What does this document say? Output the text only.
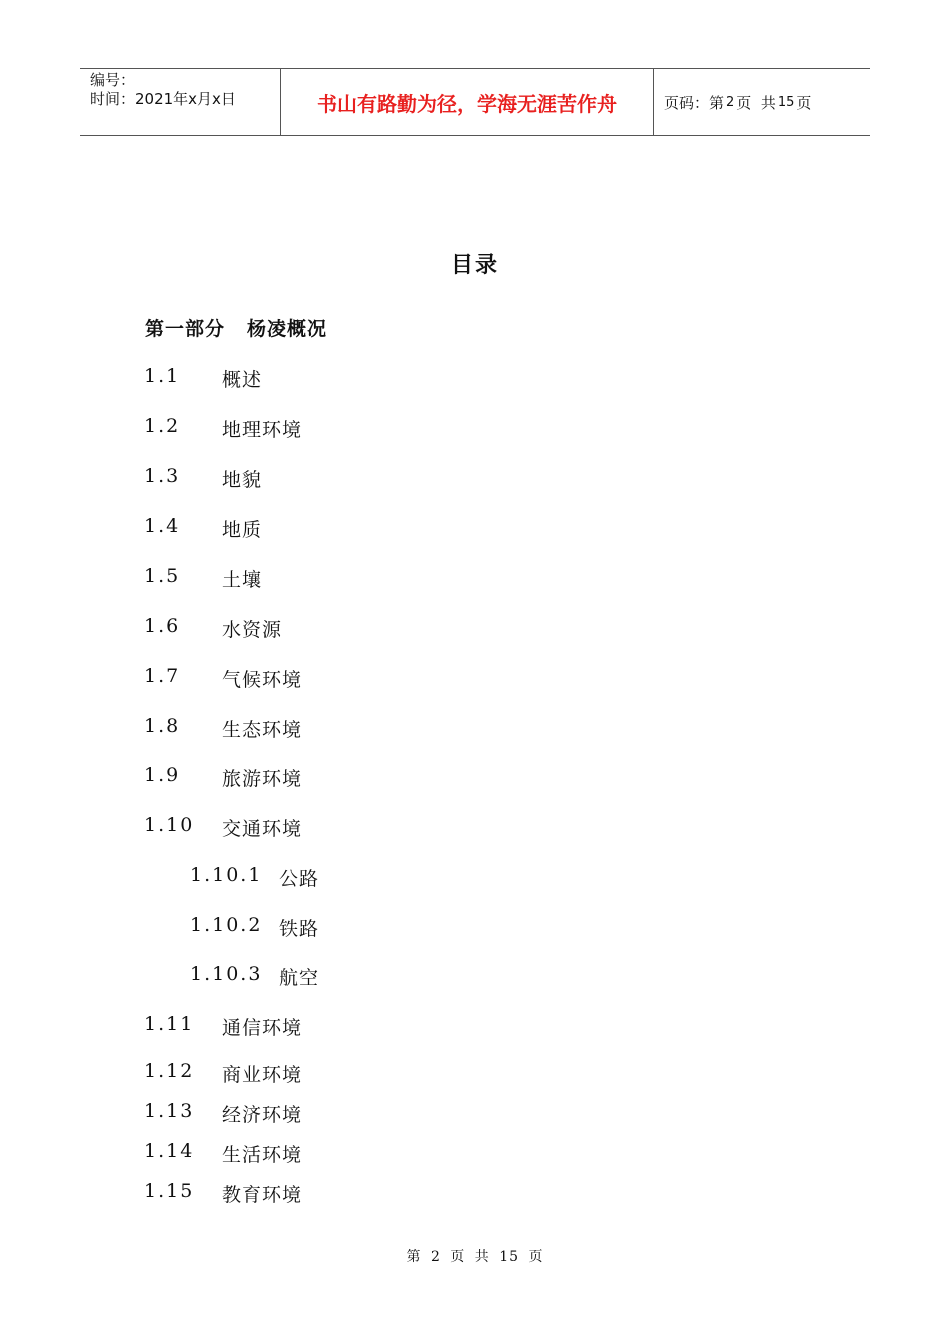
编号：
时间：2021年x月x日	书山有路勤为径，学海无涯苦作舟	页码：第 2 页  共 15 页
目录
第一部分 杨凌概况
1.1 概述
1.2 地理环境
1.3 地貌
1.4 地质
1.5 土壤
1.6 水资源
1.7 气候环境
1.8 生态环境
1.9 旅游环境
1.10 交通环境
1.10.1 公路
1.10.2 铁路
1.10.3 航空
1.11 通信环境
1.12 商业环境
1.13 经济环境
1.14 生活环境
1.15 教育环境
第 2 页 共 15 页
